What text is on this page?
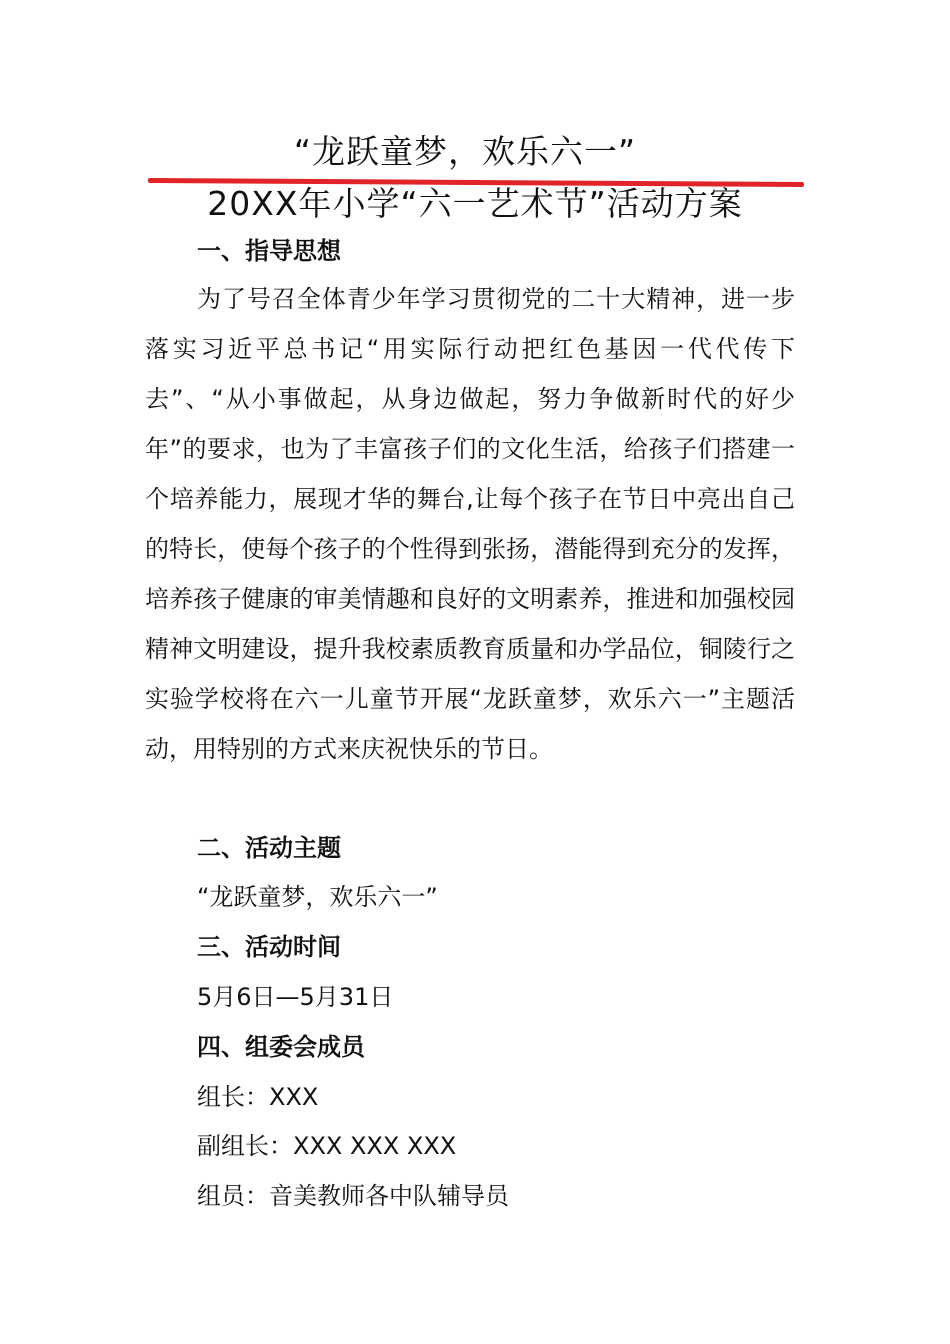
“龙跃童梦，欢乐六一”
20XX年小学“六一艺术节”活动方案
一、指导思想
为了号召全体青少年学习贯彻党的二十大精神，进一步落实习近平总书记“用实际行动把红色基因一代代传下去”、“从小事做起，从身边做起，努力争做新时代的好少年”的要求，也为了丰富孩子们的文化生活，给孩子们搭建一个培养能力，展现才华的舞台,让每个孩子在节日中亮出自己的特长，使每个孩子的个性得到张扬，潜能得到充分的发挥，培养孩子健康的审美情趣和良好的文明素养，推进和加强校园精神文明建设，提升我校素质教育质量和办学品位，铜陵行之实验学校将在六一儿童节开展“龙跃童梦，欢乐六一”主题活动，用特别的方式来庆祝快乐的节日。
二、活动主题
“龙跃童梦，欢乐六一”
三、活动时间
5月6日—5月31日
四、组委会成员
组长：XXX
副组长：XXX XXX XXX
组员：音美教师各中队辅导员
